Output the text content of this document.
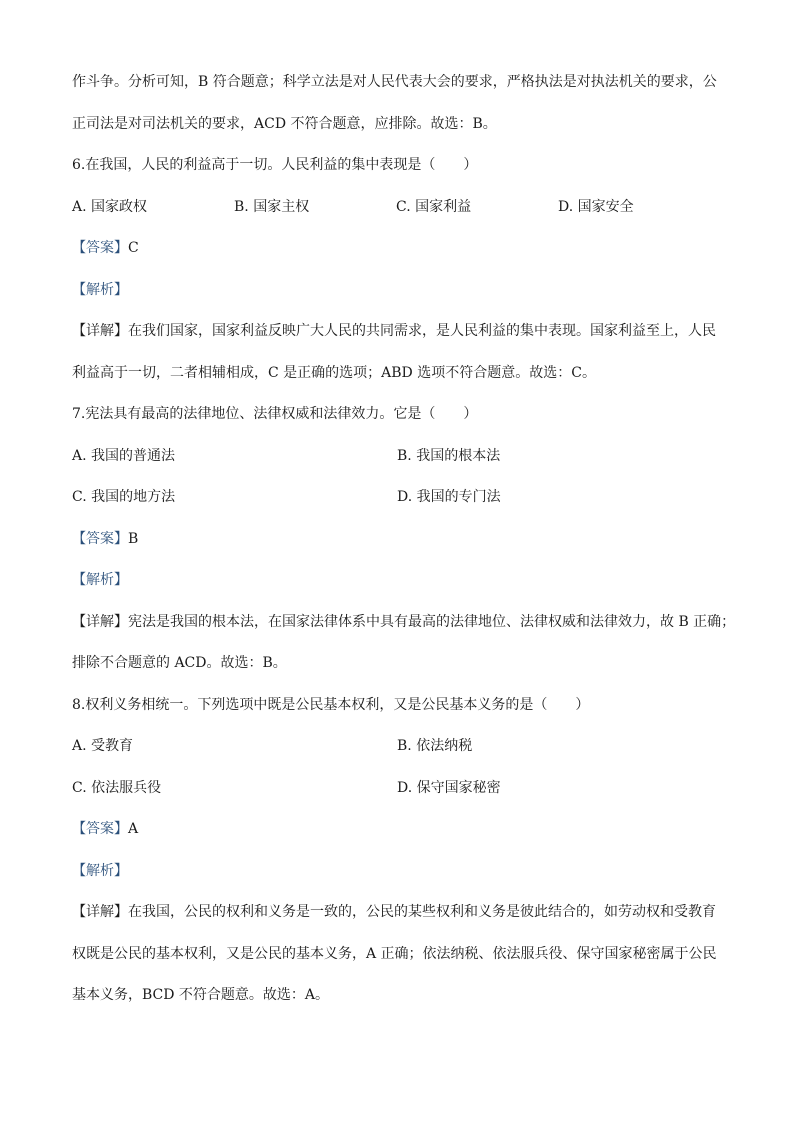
作斗争。分析可知，B 符合题意；科学立法是对人民代表大会的要求，严格执法是对执法机关的要求，公
正司法是对司法机关的要求，ACD 不符合题意，应排除。故选：B。
6.在我国，人民的利益高于一切。人民利益的集中表现是（　　）
A. 国家政权	B. 国家主权	C. 国家利益	D. 国家安全
【答案】C
【解析】
【详解】在我们国家，国家利益反映广大人民的共同需求，是人民利益的集中表现。国家利益至上，人民
利益高于一切，二者相辅相成，C 是正确的选项；ABD 选项不符合题意。故选：C。
7.宪法具有最高的法律地位、法律权威和法律效力。它是（　　）
A. 我国的普通法	B. 我国的根本法
C. 我国的地方法	D. 我国的专门法
【答案】B
【解析】
【详解】宪法是我国的根本法，在国家法律体系中具有最高的法律地位、法律权威和法律效力，故 B 正确；
排除不合题意的 ACD。故选：B。
8.权利义务相统一。下列选项中既是公民基本权利，又是公民基本义务的是（　　）
A. 受教育	B. 依法纳税
C. 依法服兵役	D. 保守国家秘密
【答案】A
【解析】
【详解】在我国，公民的权利和义务是一致的，公民的某些权利和义务是彼此结合的，如劳动权和受教育
权既是公民的基本权利，又是公民的基本义务，A 正确；依法纳税、依法服兵役、保守国家秘密属于公民
基本义务，BCD 不符合题意。故选：A。
